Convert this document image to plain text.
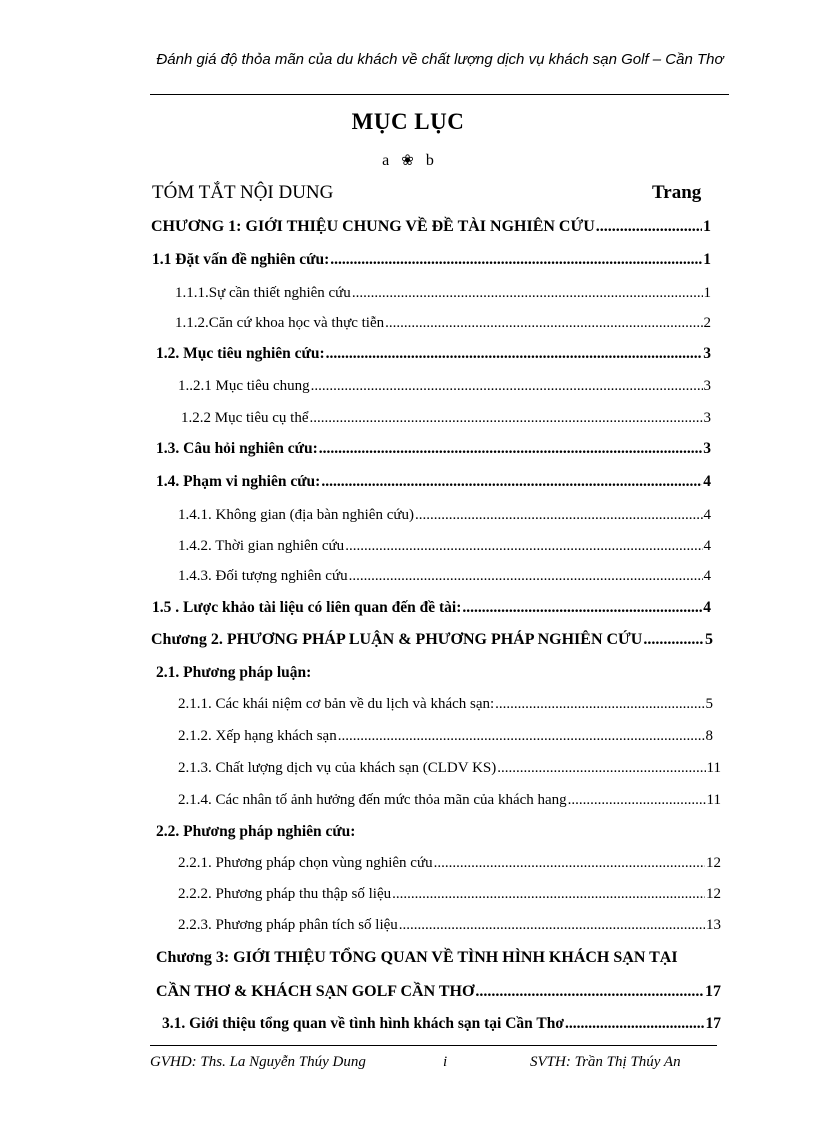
Đánh giá độ thỏa mãn của du khách về chất lượng dịch vụ khách sạn Golf – Cần Thơ
MỤC LỤC
a ❀ b
TÓM TẮT NỘI DUNG	Trang
CHƯƠNG 1: GIỚI THIỆU CHUNG VỀ ĐỀ TÀI NGHIÊN CỨU .....	1
1.1 Đặt vấn đề nghiên cứu: .....	1
1.1.1.Sự cần thiết nghiên cứu .....	1
1.1.2.Căn cứ khoa học và thực tiễn .....	2
1.2. Mục tiêu nghiên cứu: .....	3
1..2.1 Mục tiêu chung .....	3
1.2.2 Mục tiêu cụ thể .....	3
1.3. Câu hỏi nghiên cứu: .....	3
1.4. Phạm vi nghiên cứu: .....	4
1.4.1. Không gian (địa bàn nghiên cứu) .....	4
1.4.2. Thời gian nghiên cứu .....	4
1.4.3. Đối tượng nghiên cứu .....	4
1.5 . Lược khảo tài liệu có liên quan đến đề tài: .....	4
Chương 2. PHƯƠNG PHÁP LUẬN & PHƯƠNG PHÁP NGHIÊN CỨU .....	5
2.1. Phương pháp luận:
2.1.1. Các khái niệm cơ bản về du lịch và khách sạn: .....	5
2.1.2. Xếp hạng khách sạn .....	8
2.1.3. Chất lượng dịch vụ của khách sạn (CLDV KS) .....	11
2.1.4. Các nhân tố ảnh hưởng đến mức thỏa mãn của khách hang .....	11
2.2. Phương pháp nghiên cứu:
2.2.1. Phương pháp chọn vùng nghiên cứu .....	12
2.2.2. Phương pháp thu thập số liệu .....	12
2.2.3. Phương pháp phân tích số liệu .....	13
Chương 3: GIỚI THIỆU TỔNG QUAN VỀ TÌNH HÌNH KHÁCH SẠN TẠI
CẦN THƠ & KHÁCH SẠN GOLF CẦN THƠ .....	17
3.1. Giới thiệu tổng quan về tình hình khách sạn tại Cần Thơ .....	17
GVHD: Ths. La Nguyễn Thúy Dung	i	SVTH: Trần Thị Thúy An
